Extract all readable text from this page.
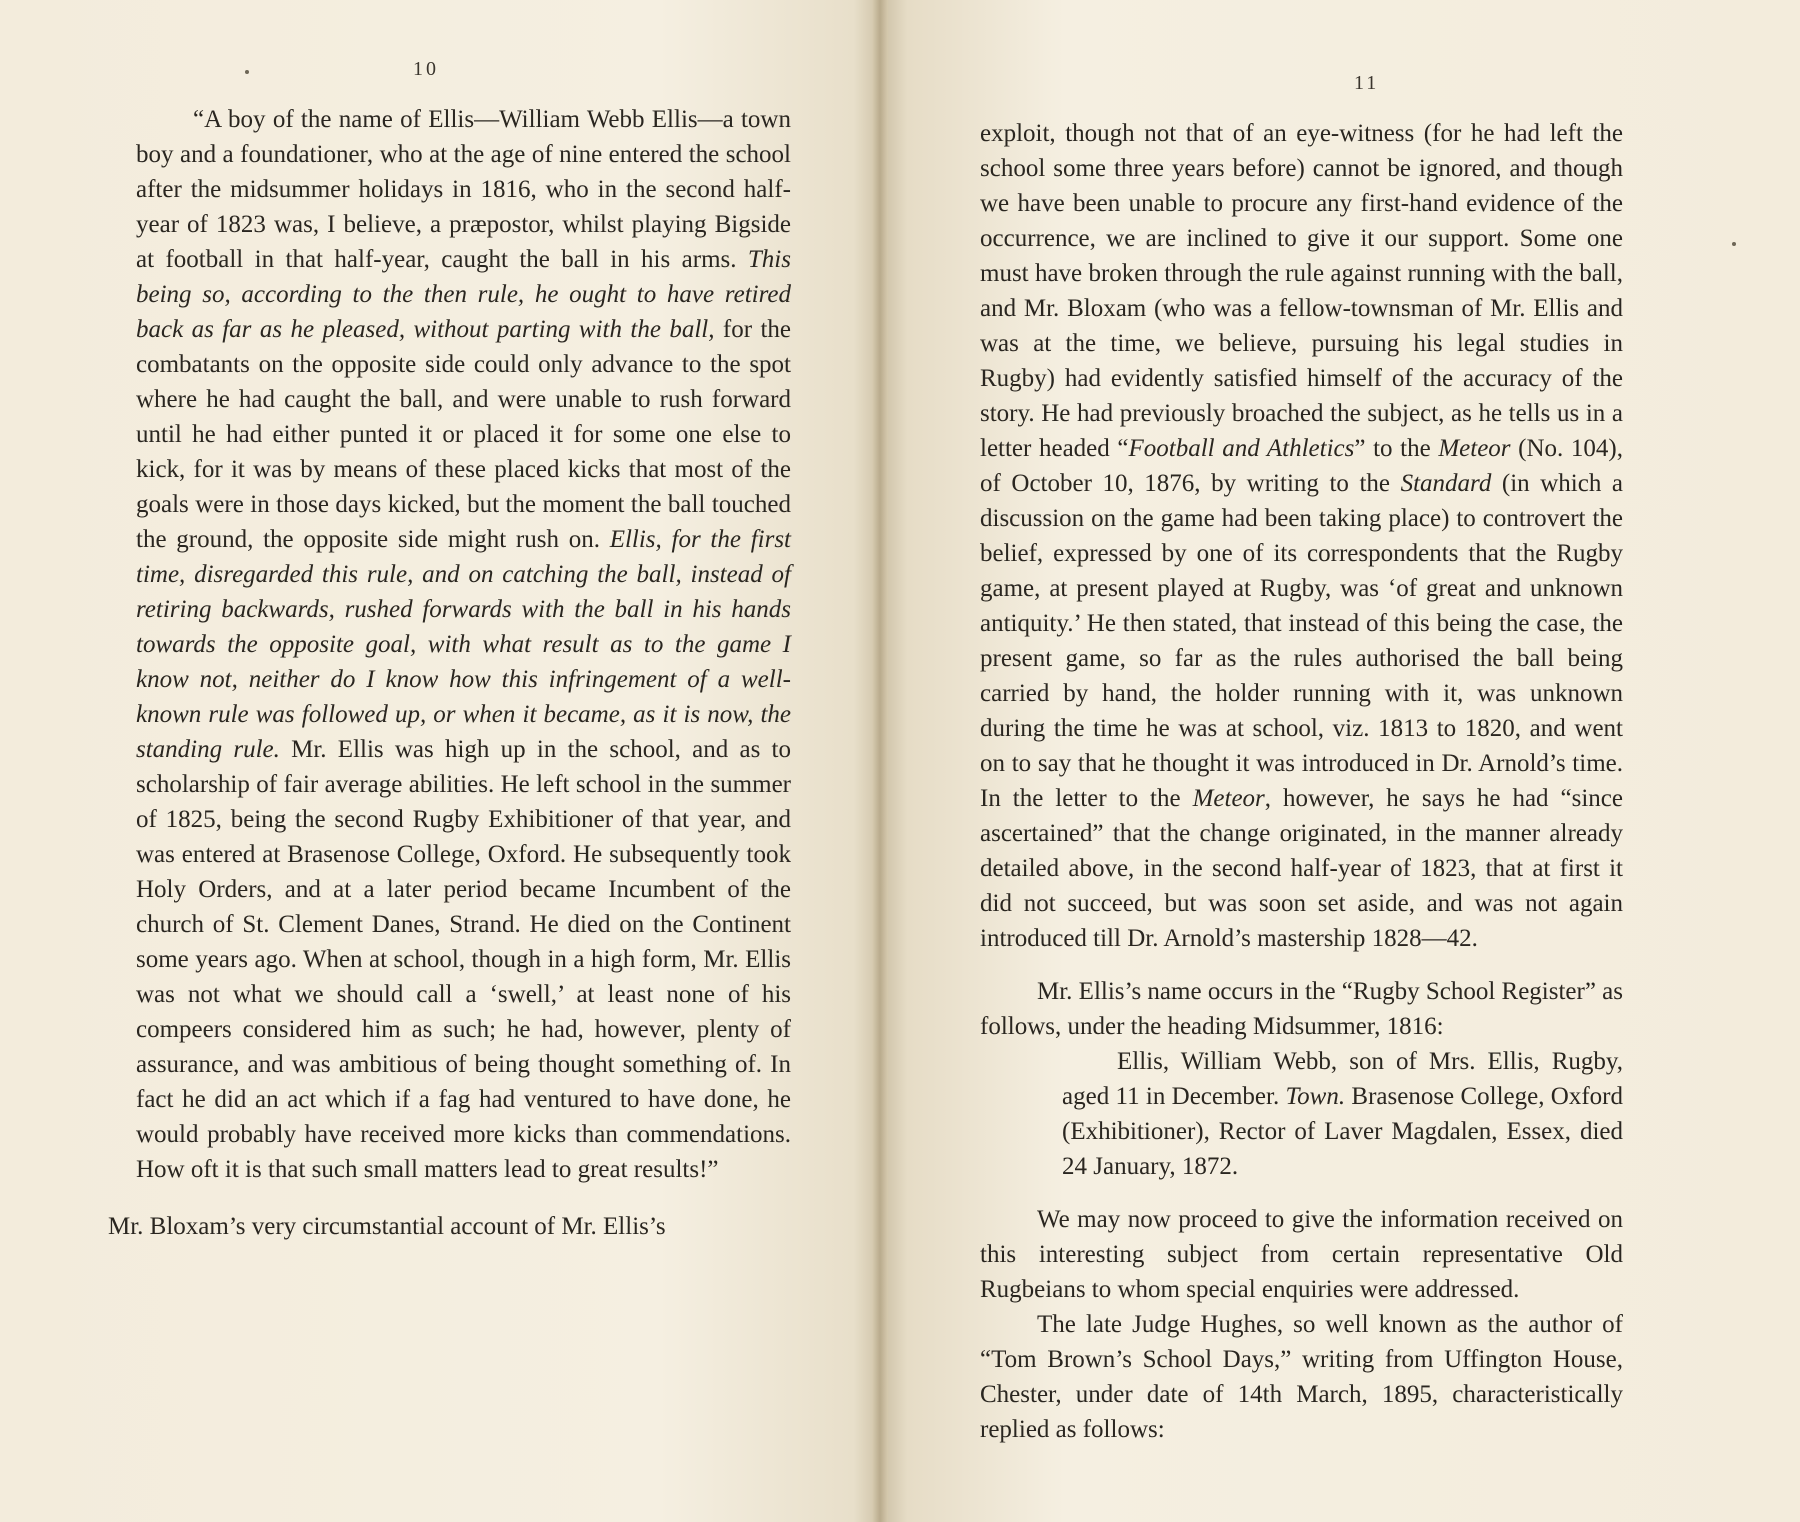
10

“A boy of the name of Ellis—William Webb Ellis—a town boy and a foundationer, who at the age of nine entered the school after the midsummer holidays in 1816, who in the second half-year of 1823 was, I believe, a præpostor, whilst playing Bigside at football in that half-year, caught the ball in his arms. This being so, according to the then rule, he ought to have retired back as far as he pleased, without parting with the ball, for the combatants on the opposite side could only advance to the spot where he had caught the ball, and were unable to rush forward until he had either punted it or placed it for some one else to kick, for it was by means of these placed kicks that most of the goals were in those days kicked, but the moment the ball touched the ground, the opposite side might rush on. Ellis, for the first time, disregarded this rule, and on catching the ball, instead of retiring backwards, rushed forwards with the ball in his hands towards the opposite goal, with what result as to the game I know not, neither do I know how this infringement of a well-known rule was followed up, or when it became, as it is now, the standing rule. Mr. Ellis was high up in the school, and as to scholarship of fair average abilities. He left school in the summer of 1825, being the second Rugby Exhibitioner of that year, and was entered at Brasenose College, Oxford. He subsequently took Holy Orders, and at a later period became Incumbent of the church of St. Clement Danes, Strand. He died on the Continent some years ago. When at school, though in a high form, Mr. Ellis was not what we should call a ‘swell,’ at least none of his compeers considered him as such; he had, however, plenty of assurance, and was ambitious of being thought something of. In fact he did an act which if a fag had ventured to have done, he would probably have received more kicks than commendations. How oft it is that such small matters lead to great results!”

Mr. Bloxam’s very circumstantial account of Mr. Ellis’s

11

exploit, though not that of an eye-witness (for he had left the school some three years before) cannot be ignored, and though we have been unable to procure any first-hand evidence of the occurrence, we are inclined to give it our support. Some one must have broken through the rule against running with the ball, and Mr. Bloxam (who was a fellow-townsman of Mr. Ellis and was at the time, we believe, pursuing his legal studies in Rugby) had evidently satisfied himself of the accuracy of the story. He had previously broached the subject, as he tells us in a letter headed “Football and Athletics” to the Meteor (No. 104), of October 10, 1876, by writing to the Standard (in which a discussion on the game had been taking place) to controvert the belief, expressed by one of its correspondents that the Rugby game, at present played at Rugby, was ‘of great and unknown antiquity.’ He then stated, that instead of this being the case, the present game, so far as the rules authorised the ball being carried by hand, the holder running with it, was unknown during the time he was at school, viz. 1813 to 1820, and went on to say that he thought it was introduced in Dr. Arnold’s time. In the letter to the Meteor, however, he says he had “since ascertained” that the change originated, in the manner already detailed above, in the second half-year of 1823, that at first it did not succeed, but was soon set aside, and was not again introduced till Dr. Arnold’s mastership 1828—42.

Mr. Ellis’s name occurs in the “Rugby School Register” as follows, under the heading Midsummer, 1816:

Ellis, William Webb, son of Mrs. Ellis, Rugby, aged 11 in December. Town. Brasenose College, Oxford (Exhibitioner), Rector of Laver Magdalen, Essex, died 24 January, 1872.

We may now proceed to give the information received on this interesting subject from certain representative Old Rugbeians to whom special enquiries were addressed.

The late Judge Hughes, so well known as the author of “Tom Brown’s School Days,” writing from Uffington House, Chester, under date of 14th March, 1895, characteristically replied as follows:
